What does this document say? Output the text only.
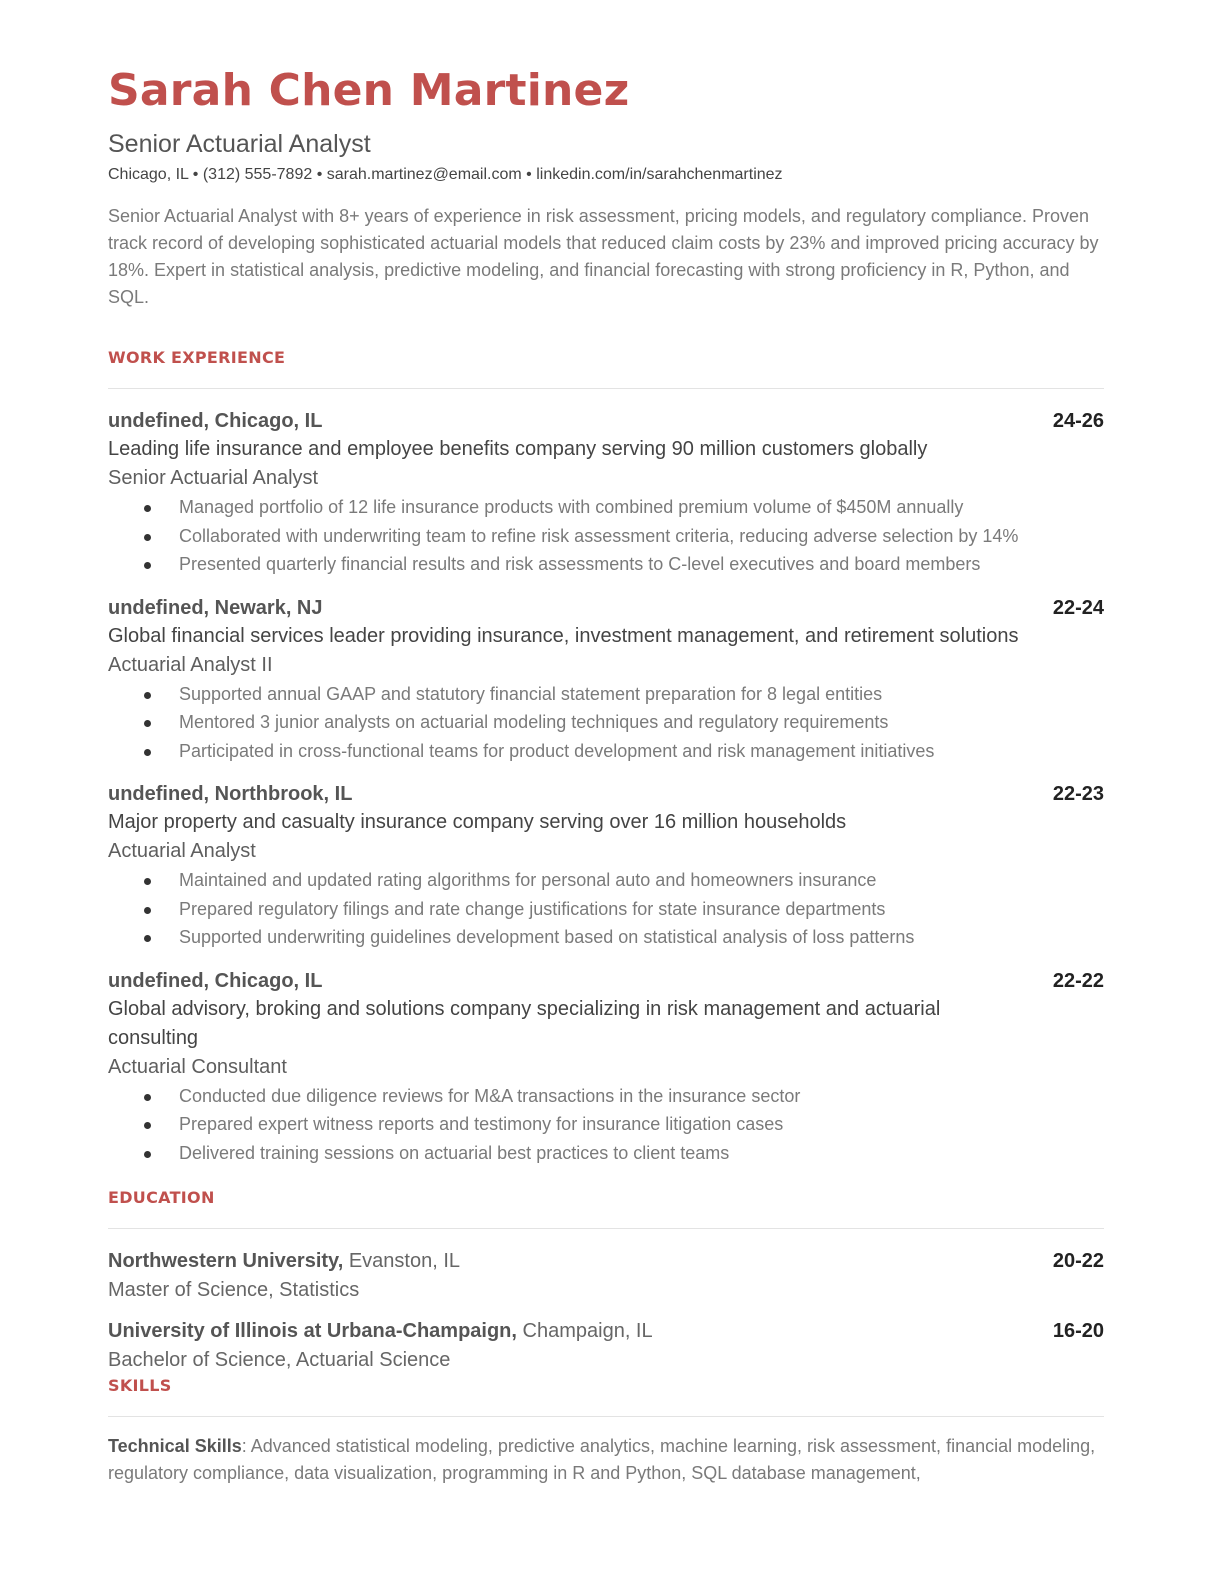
Sarah Chen Martinez
Senior Actuarial Analyst
Chicago, IL • (312) 555-7892 • sarah.martinez@email.com • linkedin.com/in/sarahchenmartinez
Senior Actuarial Analyst with 8+ years of experience in risk assessment, pricing models, and regulatory compliance. Proven track record of developing sophisticated actuarial models that reduced claim costs by 23% and improved pricing accuracy by 18%. Expert in statistical analysis, predictive modeling, and financial forecasting with strong proficiency in R, Python, and SQL.
WORK EXPERIENCE
undefined, Chicago, IL	24-26
Leading life insurance and employee benefits company serving 90 million customers globally
Senior Actuarial Analyst
Managed portfolio of 12 life insurance products with combined premium volume of $450M annually
Collaborated with underwriting team to refine risk assessment criteria, reducing adverse selection by 14%
Presented quarterly financial results and risk assessments to C-level executives and board members
undefined, Newark, NJ	22-24
Global financial services leader providing insurance, investment management, and retirement solutions
Actuarial Analyst II
Supported annual GAAP and statutory financial statement preparation for 8 legal entities
Mentored 3 junior analysts on actuarial modeling techniques and regulatory requirements
Participated in cross-functional teams for product development and risk management initiatives
undefined, Northbrook, IL	22-23
Major property and casualty insurance company serving over 16 million households
Actuarial Analyst
Maintained and updated rating algorithms for personal auto and homeowners insurance
Prepared regulatory filings and rate change justifications for state insurance departments
Supported underwriting guidelines development based on statistical analysis of loss patterns
undefined, Chicago, IL	22-22
Global advisory, broking and solutions company specializing in risk management and actuarial consulting
Actuarial Consultant
Conducted due diligence reviews for M&A transactions in the insurance sector
Prepared expert witness reports and testimony for insurance litigation cases
Delivered training sessions on actuarial best practices to client teams
EDUCATION
Northwestern University, Evanston, IL	20-22
Master of Science, Statistics
University of Illinois at Urbana-Champaign, Champaign, IL	16-20
Bachelor of Science, Actuarial Science
SKILLS
Technical Skills: Advanced statistical modeling, predictive analytics, machine learning, risk assessment, financial modeling, regulatory compliance, data visualization, programming in R and Python, SQL database management,
